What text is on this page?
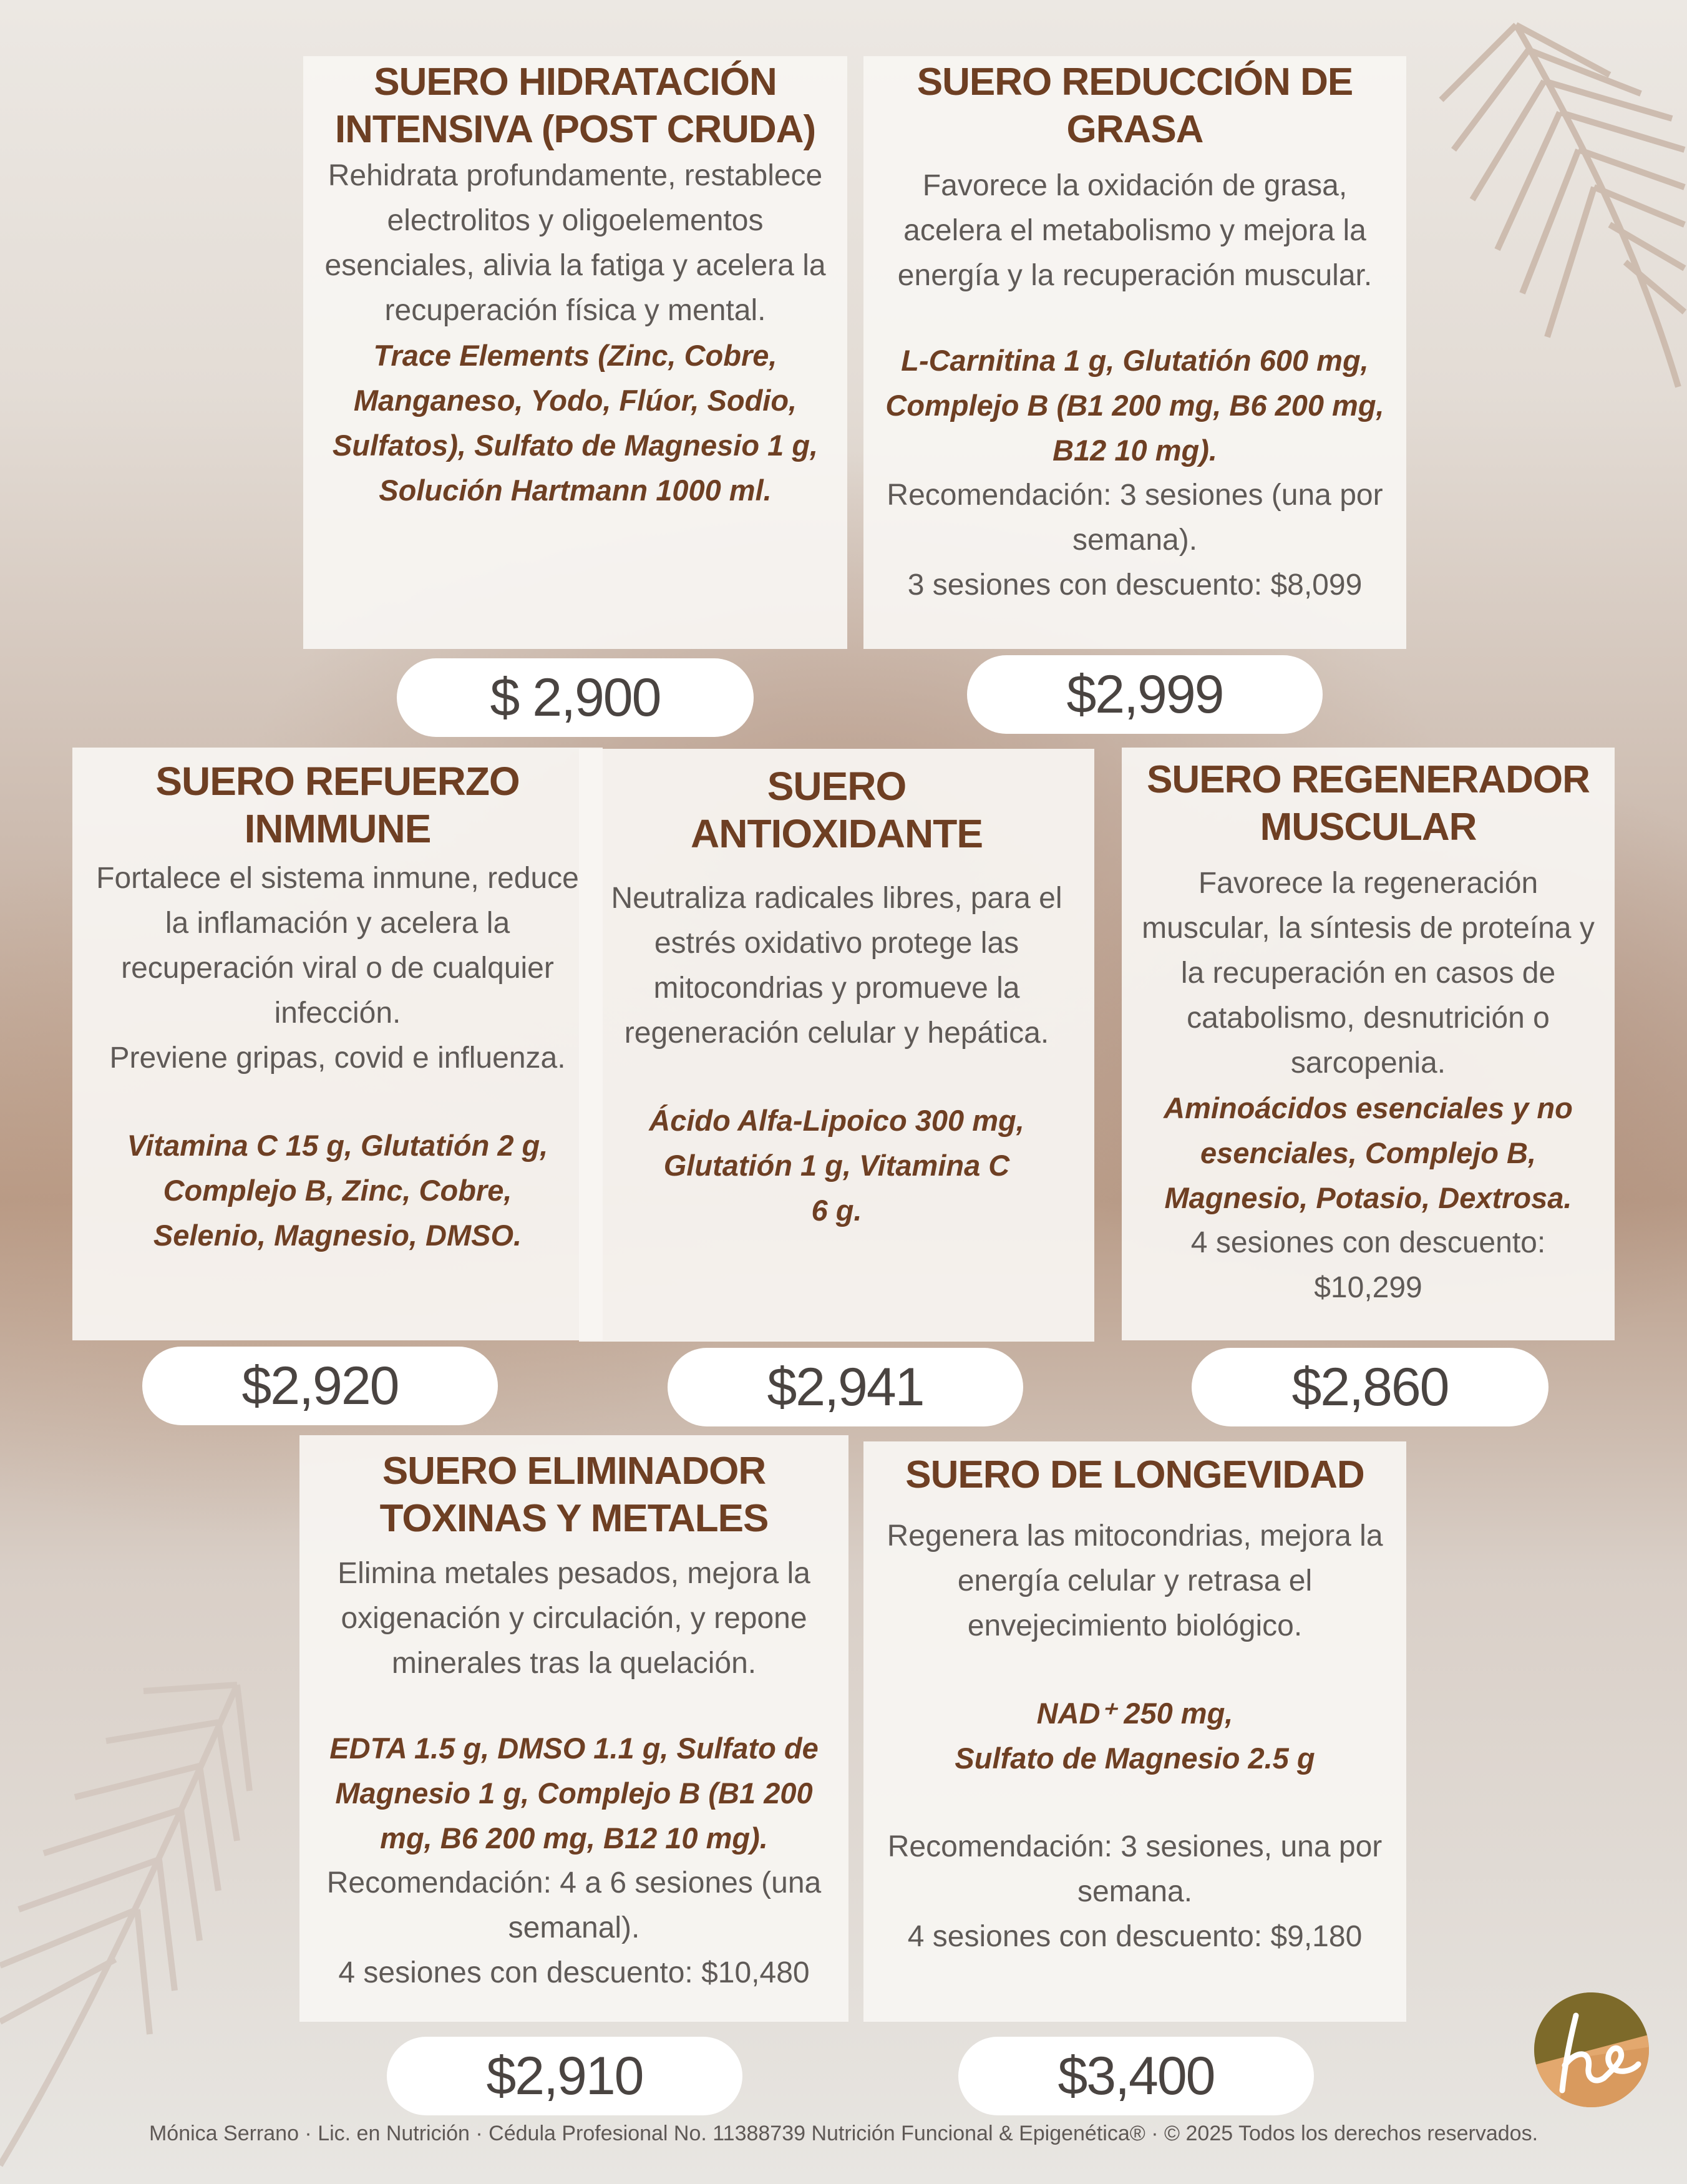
SUERO HIDRATACIÓN INTENSIVA (POST CRUDA)

Rehidrata profundamente, restablece electrolitos y oligoelementos esenciales, alivia la fatiga y acelera la recuperación física y mental.

Trace Elements (Zinc, Cobre, Manganeso, Yodo, Flúor, Sodio, Sulfatos), Sulfato de Magnesio 1 g, Solución Hartmann 1000 ml.

$ 2,900

SUERO REDUCCIÓN DE GRASA

Favorece la oxidación de grasa, acelera el metabolismo y mejora la energía y la recuperación muscular.

L-Carnitina 1 g, Glutatión 600 mg, Complejo B (B1 200 mg, B6 200 mg, B12 10 mg).

Recomendación: 3 sesiones (una por semana).
3 sesiones con descuento: $8,099

$2,999

SUERO REFUERZO INMMUNE

Fortalece el sistema inmune, reduce la inflamación y acelera la recuperación viral o de cualquier infección.
Previene gripas, covid e influenza.

Vitamina C 15 g, Glutatión 2 g, Complejo B, Zinc, Cobre, Selenio, Magnesio, DMSO.

$2,920

SUERO ANTIOXIDANTE

Neutraliza radicales libres, para el estrés oxidativo protege las mitocondrias y promueve la regeneración celular y hepática.

Ácido Alfa-Lipoico 300 mg, Glutatión 1 g, Vitamina C
6 g.

$2,941

SUERO REGENERADOR MUSCULAR

Favorece la regeneración muscular, la síntesis de proteína y la recuperación en casos de catabolismo, desnutrición o sarcopenia.

Aminoácidos esenciales y no esenciales, Complejo B, Magnesio, Potasio, Dextrosa.

4 sesiones con descuento:
$10,299

$2,860

SUERO ELIMINADOR TOXINAS Y METALES

Elimina metales pesados, mejora la oxigenación y circulación, y repone minerales tras la quelación.

EDTA 1.5 g, DMSO 1.1 g, Sulfato de Magnesio 1 g, Complejo B (B1 200 mg, B6 200 mg, B12 10 mg).

Recomendación: 4 a 6 sesiones (una semanal).
4 sesiones con descuento: $10,480

$2,910

SUERO DE LONGEVIDAD

Regenera las mitocondrias, mejora la energía celular y retrasa el envejecimiento biológico.

NAD⁺ 250 mg,
Sulfato de Magnesio 2.5 g

Recomendación: 3 sesiones, una por semana.
4 sesiones con descuento: $9,180

$3,400
Mónica Serrano · Lic. en Nutrición · Cédula Profesional No. 11388739 Nutrición Funcional & Epigenética® · © 2025 Todos los derechos reservados.
